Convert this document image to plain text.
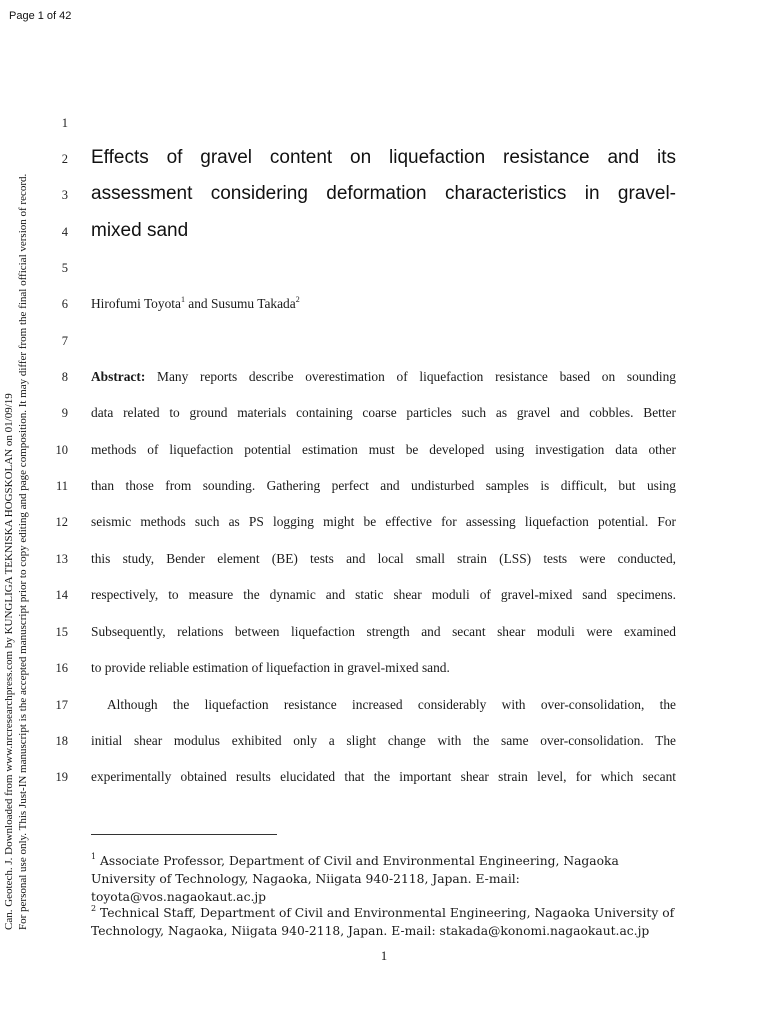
Page 1 of 42
Can. Geotech. J. Downloaded from www.nrcresearchpress.com by KUNGLIGA TEKNISKA HOGSKOLAN on 01/09/19 For personal use only. This Just-IN manuscript is the accepted manuscript prior to copy editing and page composition. It may differ from the final official version of record.
1
2
3
4
5
6
7
8
9
10
11
12
13
14
15
16
17
18
19
Effects of gravel content on liquefaction resistance and its
assessment considering deformation characteristics in gravel-
mixed sand
Hirofumi Toyota$^1$ and Susumu Takada$^2$
Abstract: Many reports describe overestimation of liquefaction resistance based on sounding
data related to ground materials containing coarse particles such as gravel and cobbles. Better
methods of liquefaction potential estimation must be developed using investigation data other
than those from sounding. Gathering perfect and undisturbed samples is difficult, but using
seismic methods such as PS logging might be effective for assessing liquefaction potential. For
this study, Bender element (BE) tests and local small strain (LSS) tests were conducted,
respectively, to measure the dynamic and static shear moduli of gravel-mixed sand specimens.
Subsequently, relations between liquefaction strength and secant shear moduli were examined
to provide reliable estimation of liquefaction in gravel-mixed sand.
Although the liquefaction resistance increased considerably with over-consolidation, the
initial shear modulus exhibited only a slight change with the same over-consolidation. The
experimentally obtained results elucidated that the important shear strain level, for which secant
$^1$ Associate Professor, Department of Civil and Environmental Engineering, Nagaoka University of Technology, Nagaoka, Niigata 940-2118, Japan. E-mail: toyota@vos.nagaokaut.ac.jp
$^2$ Technical Staff, Department of Civil and Environmental Engineering, Nagaoka University of Technology, Nagaoka, Niigata 940-2118, Japan. E-mail: stakada@konomi.nagaokaut.ac.jp
1
